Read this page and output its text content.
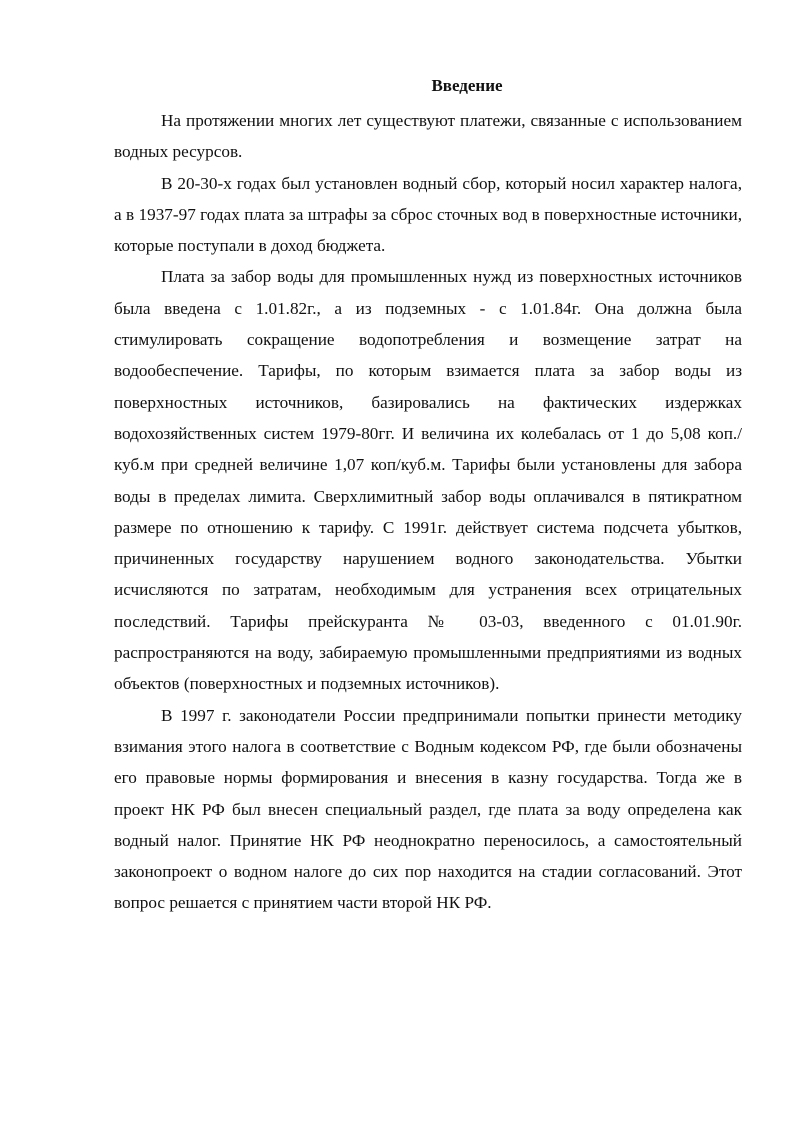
Введение

На протяжении многих лет существуют платежи, связанные с использованием водных ресурсов.

В 20-30-х годах был установлен водный сбор, который носил характер налога, а в 1937-97 годах плата за штрафы за сброс сточных вод в поверхностные источники, которые поступали в доход бюджета.

Плата за забор воды для промышленных нужд из поверхностных источников была введена с 1.01.82г., а из подземных - с 1.01.84г. Она должна была стимулировать сокращение водопотребления и возмещение затрат на водообеспечение. Тарифы, по которым взимается плата за забор воды из поверхностных источников, базировались на фактических издержках водохозяйственных систем 1979-80гг. И величина их колебалась от 1 до 5,08 коп./куб.м при средней величине 1,07 коп/куб.м. Тарифы были установлены для забора воды в пределах лимита. Сверхлимитный забор воды оплачивался в пятикратном размере по отношению к тарифу. С 1991г. действует система подсчета убытков, причиненных государству нарушением водного законодательства. Убытки исчисляются по затратам, необходимым для устранения всех отрицательных последствий. Тарифы прейскуранта № 03-03, введенного с 01.01.90г. распространяются на воду, забираемую промышленными предприятиями из водных объектов (поверхностных и подземных источников).

В 1997 г. законодатели России предпринимали попытки принести методику взимания этого налога в соответствие с Водным кодексом РФ, где были обозначены его правовые нормы формирования и внесения в казну государства. Тогда же в проект НК РФ был внесен специальный раздел, где плата за воду определена как водный налог. Принятие НК РФ неоднократно переносилось, а самостоятельный законопроект о водном налоге до сих пор находится на стадии согласований. Этот вопрос решается с принятием части второй НК РФ.
